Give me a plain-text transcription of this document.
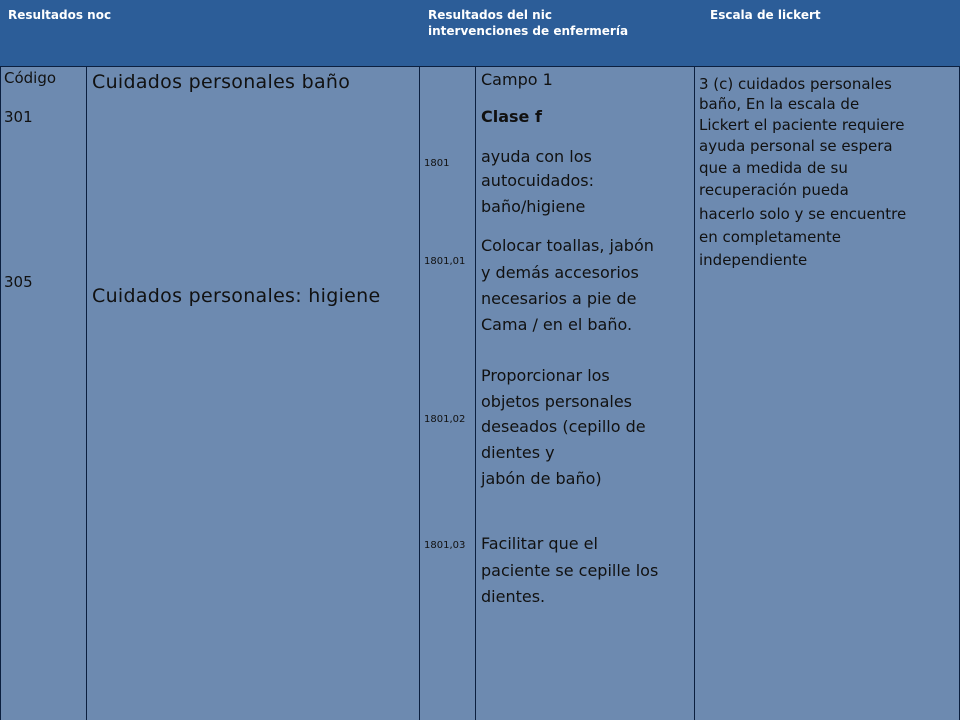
Resultados noc	Resultados del nic
intervenciones de enfermería
Escala de lickert
Código
301
305
Cuidados personales baño
Cuidados personales: higiene
1801
1801,01
1801,02
1801,03
Campo 1
Clase f
ayuda con los
autocuidados:
baño/higiene
Colocar toallas, jabón
y demás accesorios
necesarios a pie de
Cama / en el baño.
Proporcionar los
objetos personales
deseados (cepillo de
dientes y
jabón de baño)
Facilitar que el
paciente se cepille los
dientes.
3 (c) cuidados personales
baño, En la escala de
Lickert el paciente requiere
ayuda personal se espera
que a medida de su
recuperación pueda
hacerlo solo y se encuentre
en completamente
independiente
